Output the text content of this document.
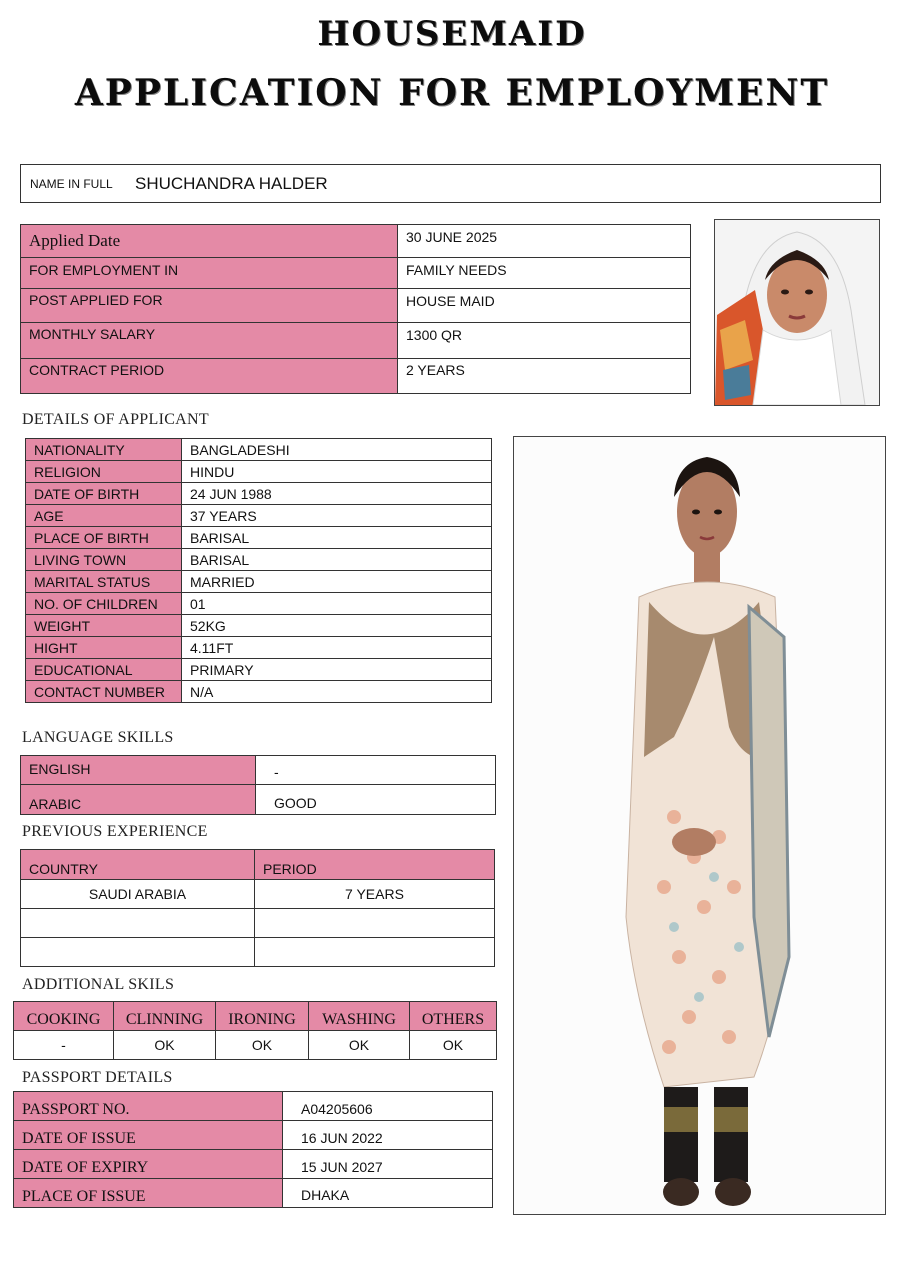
HOUSEMAID
APPLICATION FOR EMPLOYMENT
NAME IN FULL SHUCHANDRA HALDER
Applied Date	30 JUNE 2025
FOR EMPLOYMENT IN	FAMILY NEEDS
POST APPLIED FOR	HOUSE MAID
MONTHLY SALARY	1300 QR
CONTRACT PERIOD	2 YEARS
DETAILS OF APPLICANT
NATIONALITY	BANGLADESHI
RELIGION	HINDU
DATE OF BIRTH	24 JUN 1988
AGE	37 YEARS
PLACE OF BIRTH	BARISAL
LIVING TOWN	BARISAL
MARITAL STATUS	MARRIED
NO. OF CHILDREN	01
WEIGHT	52KG
HIGHT	4.11FT
EDUCATIONAL	PRIMARY
CONTACT NUMBER	N/A
LANGUAGE SKILLS
ENGLISH	-
ARABIC	GOOD
PREVIOUS EXPERIENCE
COUNTRY	PERIOD
SAUDI ARABIA	7 YEARS
ADDITIONAL SKILS
COOKING	CLINNING	IRONING	WASHING	OTHERS
-	OK	OK	OK	OK
PASSPORT DETAILS
PASSPORT NO.	A04205606
DATE OF ISSUE	16 JUN 2022
DATE OF EXPIRY	15 JUN 2027
PLACE OF ISSUE	DHAKA
